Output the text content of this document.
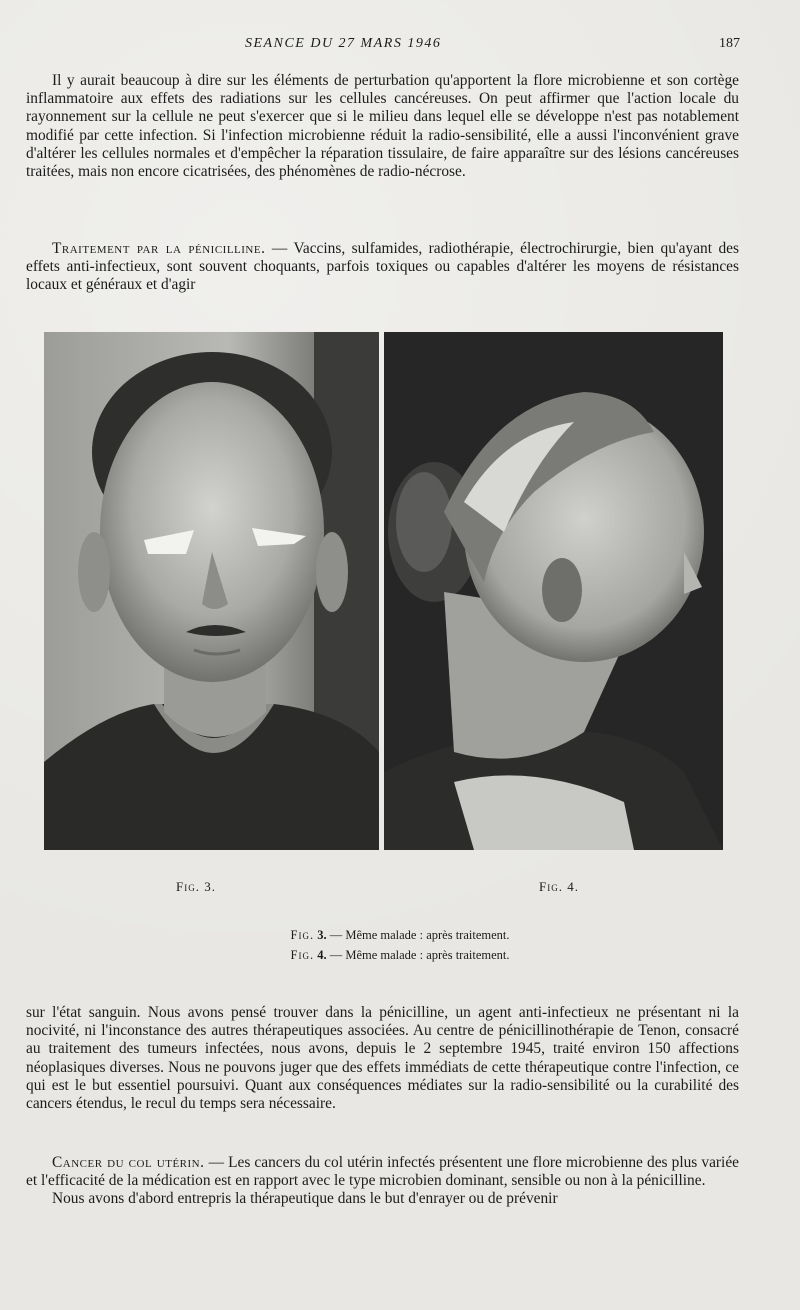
SEANCE DU 27 MARS 1946	187

Il y aurait beaucoup à dire sur les éléments de perturbation qu'apportent la flore microbienne et son cortège inflammatoire aux effets des radiations sur les cellules cancéreuses. On peut affirmer que l'action locale du rayonnement sur la cellule ne peut s'exercer que si le milieu dans lequel elle se développe n'est pas notablement modifié par cette infection. Si l'infection microbienne réduit la radio-sensibilité, elle a aussi l'inconvénient grave d'altérer les cellules normales et d'empêcher la réparation tissulaire, de faire apparaître sur des lésions cancéreuses traitées, mais non encore cicatrisées, des phénomènes de radio-nécrose.

Traitement par la pénicilline. — Vaccins, sulfamides, radiothérapie, électrochirurgie, bien qu'ayant des effets anti-infectieux, sont souvent choquants, parfois toxiques ou capables d'altérer les moyens de résistances locaux et généraux et d'agir

Fig. 3.	Fig. 4.
Fig. 3. — Même malade : après traitement.
Fig. 4. — Même malade : après traitement.

sur l'état sanguin. Nous avons pensé trouver dans la pénicilline, un agent anti-infectieux ne présentant ni la nocivité, ni l'inconstance des autres thérapeutiques associées. Au centre de pénicillinothérapie de Tenon, consacré au traitement des tumeurs infectées, nous avons, depuis le 2 septembre 1945, traité environ 150 affections néoplasiques diverses. Nous ne pouvons juger que des effets immédiats de cette thérapeutique contre l'infection, ce qui est le but essentiel poursuivi. Quant aux conséquences médiates sur la radio-sensibilité ou la curabilité des cancers étendus, le recul du temps sera nécessaire.

Cancer du col utérin. — Les cancers du col utérin infectés présentent une flore microbienne des plus variée et l'efficacité de la médication est en rapport avec le type microbien dominant, sensible ou non à la pénicilline.

Nous avons d'abord entrepris la thérapeutique dans le but d'enrayer ou de prévenir
